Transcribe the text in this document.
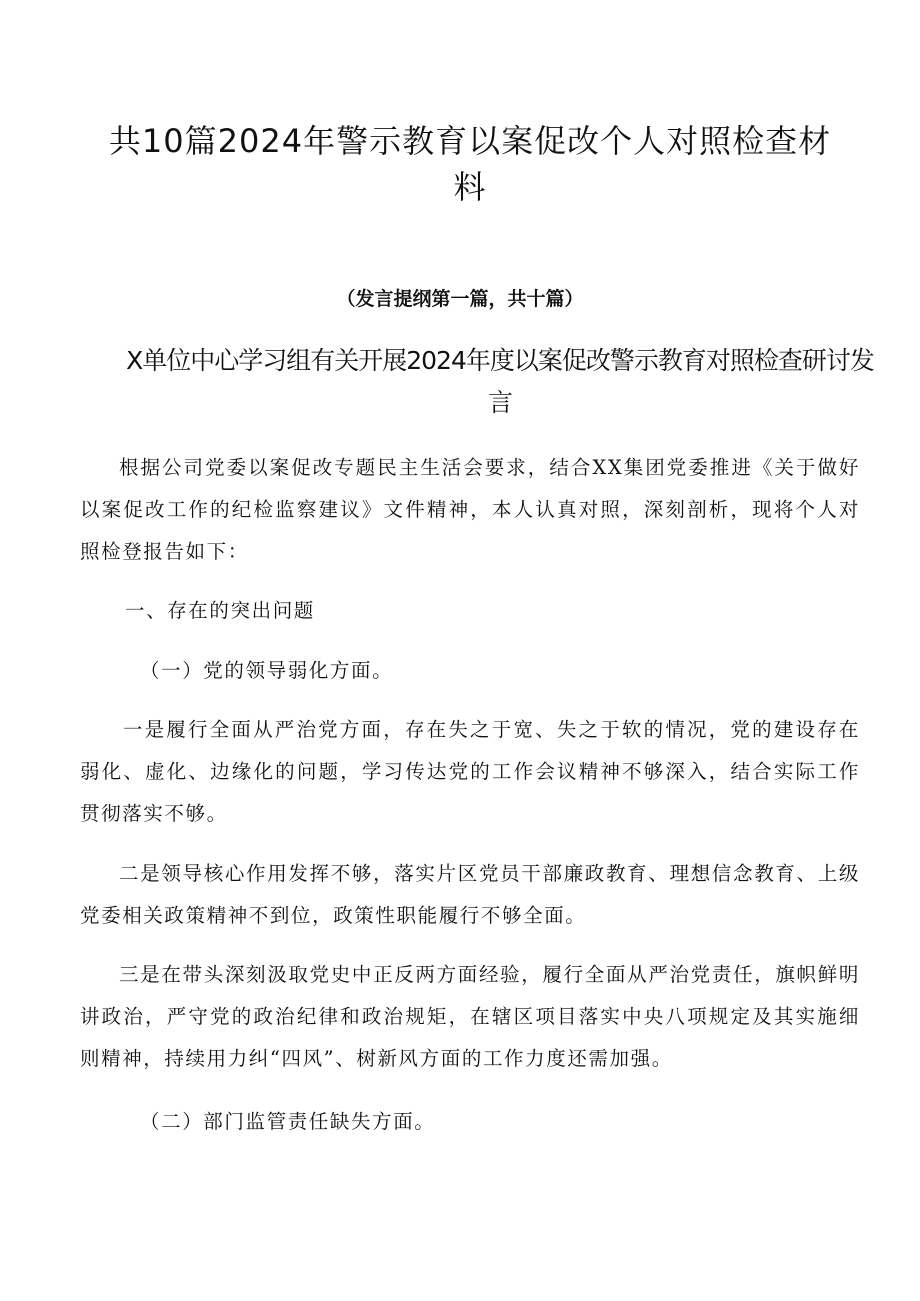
共10篇2024年警示教育以案促改个人对照检查材料

（发言提纲第一篇，共十篇）

X单位中心学习组有关开展2024年度以案促改警示教育对照检查研讨发言

根据公司党委以案促改专题民主生活会要求，结合XX集团党委推进《关于做好以案促改工作的纪检监察建议》文件精神，本人认真对照，深刻剖析，现将个人对照检登报告如下：

一、存在的突出问题

（一）党的领导弱化方面。

一是履行全面从严治党方面，存在失之于宽、失之于软的情况，党的建设存在弱化、虚化、边缘化的问题，学习传达党的工作会议精神不够深入，结合实际工作贯彻落实不够。

二是领导核心作用发挥不够，落实片区党员干部廉政教育、理想信念教育、上级党委相关政策精神不到位，政策性职能履行不够全面。

三是在带头深刻汲取党史中正反两方面经验，履行全面从严治党责任，旗帜鲜明讲政治，严守党的政治纪律和政治规矩，在辖区项目落实中央八项规定及其实施细则精神，持续用力纠“四风”、树新风方面的工作力度还需加强。

（二）部门监管责任缺失方面。
